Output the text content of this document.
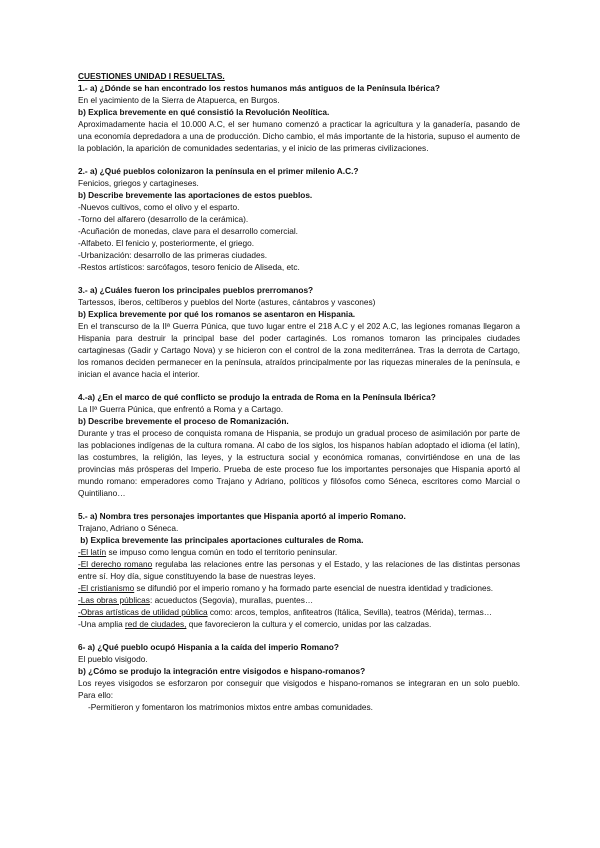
CUESTIONES UNIDAD I RESUELTAS.

1.- a) ¿Dónde se han encontrado los restos humanos más antiguos de la Península Ibérica?

En el yacimiento de la Sierra de Atapuerca, en Burgos.

b) Explica brevemente en qué consistió la Revolución Neolítica.

Aproximadamente hacia el 10.000 A.C, el ser humano comenzó a practicar la agricultura y la ganadería, pasando de una economía depredadora a una de producción. Dicho cambio, el más importante de la historia, supuso el aumento de la población, la aparición de comunidades sedentarias, y el inicio de las primeras civilizaciones.

2.- a) ¿Qué pueblos colonizaron la península en el primer milenio A.C.?

Fenicios, griegos y cartagineses.

b) Describe brevemente las aportaciones de estos pueblos.

-Nuevos cultivos, como el olivo y el esparto.

-Torno del alfarero (desarrollo de la cerámica).

-Acuñación de monedas, clave para el desarrollo comercial.

-Alfabeto. El fenicio y, posteriormente, el griego.

-Urbanización: desarrollo de las primeras ciudades.

-Restos artísticos: sarcófagos, tesoro fenicio de Aliseda, etc.

3.- a) ¿Cuáles fueron los principales pueblos prerromanos?

Tartessos, íberos, celtíberos y pueblos del Norte (astures, cántabros y vascones)

b) Explica brevemente por qué los romanos se asentaron en Hispania.

En el transcurso de la IIª Guerra Púnica, que tuvo lugar entre el 218 A.C y el 202 A.C, las legiones romanas llegaron a Hispania para destruir la principal base del poder cartaginés. Los romanos tomaron las principales ciudades cartaginesas (Gadir y Cartago Nova) y se hicieron con el control de la zona mediterránea. Tras la derrota de Cartago, los romanos deciden permanecer en la península, atraídos principalmente por las riquezas minerales de la península, e inician el avance hacia el interior.

4.-a) ¿En el marco de qué conflicto se produjo la entrada de Roma en la Península Ibérica?

La IIª Guerra Púnica, que enfrentó a Roma y a Cartago.

b) Describe brevemente el proceso de Romanización.

Durante y tras el proceso de conquista romana de Hispania, se produjo un gradual proceso de asimilación por parte de las poblaciones indígenas de la cultura romana. Al cabo de los siglos, los hispanos habían adoptado el idioma (el latín), las costumbres, la religión, las leyes, y la estructura social y económica romanas, convirtiéndose en una de las provincias más prósperas del Imperio. Prueba de este proceso fue los importantes personajes que Hispania aportó al mundo romano: emperadores como Trajano y Adriano, políticos y filósofos como Séneca, escritores como Marcial o Quintiliano…

5.- a) Nombra tres personajes importantes que Hispania aportó al imperio Romano.

Trajano, Adriano o Séneca.

b) Explica brevemente las principales aportaciones culturales de Roma.

-El latín se impuso como lengua común en todo el territorio peninsular.

-El derecho romano regulaba las relaciones entre las personas y el Estado, y las relaciones de las distintas personas entre sí. Hoy día, sigue constituyendo la base de nuestras leyes.

-El cristianismo se difundió por el imperio romano y ha formado parte esencial de nuestra identidad y tradiciones.

-Las obras públicas: acueductos (Segovia), murallas, puentes…

-Obras artísticas de utilidad pública como: arcos, templos, anfiteatros (Itálica, Sevilla), teatros (Mérida), termas…

-Una amplia red de ciudades, que favorecieron la cultura y el comercio, unidas por las calzadas.

6- a) ¿Qué pueblo ocupó Hispania a la caída del imperio Romano?

El pueblo visigodo.

b) ¿Cómo se produjo la integración entre visigodos e hispano-romanos?

Los reyes visigodos se esforzaron por conseguir que visigodos e hispano-romanos se integraran en un solo pueblo. Para ello:

-Permitieron y fomentaron los matrimonios mixtos entre ambas comunidades.
